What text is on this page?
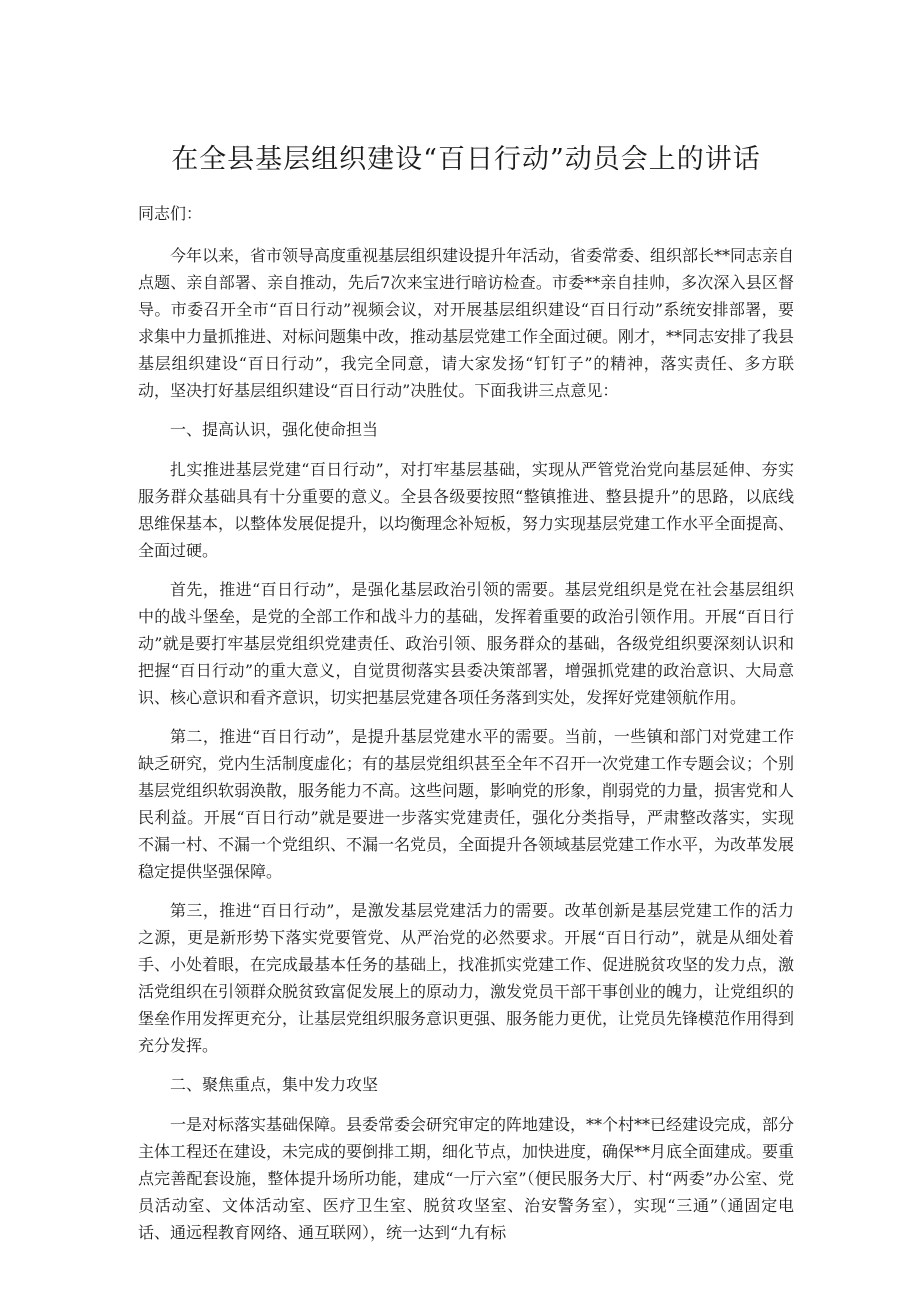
在全县基层组织建设“百日行动”动员会上的讲话

同志们：

今年以来，省市领导高度重视基层组织建设提升年活动，省委常委、组织部长**同志亲自点题、亲自部署、亲自推动，先后7次来宝进行暗访检查。市委**亲自挂帅，多次深入县区督导。市委召开全市“百日行动”视频会议，对开展基层组织建设“百日行动”系统安排部署，要求集中力量抓推进、对标问题集中改，推动基层党建工作全面过硬。刚才，**同志安排了我县基层组织建设“百日行动”，我完全同意，请大家发扬“钉钉子”的精神，落实责任、多方联动，坚决打好基层组织建设“百日行动”决胜仗。下面我讲三点意见：

一、提高认识，强化使命担当

扎实推进基层党建“百日行动”，对打牢基层基础，实现从严管党治党向基层延伸、夯实服务群众基础具有十分重要的意义。全县各级要按照“整镇推进、整县提升”的思路，以底线思维保基本，以整体发展促提升，以均衡理念补短板，努力实现基层党建工作水平全面提高、全面过硬。

首先，推进“百日行动”，是强化基层政治引领的需要。基层党组织是党在社会基层组织中的战斗堡垒，是党的全部工作和战斗力的基础，发挥着重要的政治引领作用。开展“百日行动”就是要打牢基层党组织党建责任、政治引领、服务群众的基础，各级党组织要深刻认识和把握“百日行动”的重大意义，自觉贯彻落实县委决策部署，增强抓党建的政治意识、大局意识、核心意识和看齐意识，切实把基层党建各项任务落到实处，发挥好党建领航作用。

第二，推进“百日行动”，是提升基层党建水平的需要。当前，一些镇和部门对党建工作缺乏研究，党内生活制度虚化；有的基层党组织甚至全年不召开一次党建工作专题会议；个别基层党组织软弱涣散，服务能力不高。这些问题，影响党的形象，削弱党的力量，损害党和人民利益。开展“百日行动”就是要进一步落实党建责任，强化分类指导，严肃整改落实，实现不漏一村、不漏一个党组织、不漏一名党员，全面提升各领域基层党建工作水平，为改革发展稳定提供坚强保障。

第三，推进“百日行动”，是激发基层党建活力的需要。改革创新是基层党建工作的活力之源，更是新形势下落实党要管党、从严治党的必然要求。开展“百日行动”，就是从细处着手、小处着眼，在完成最基本任务的基础上，找准抓实党建工作、促进脱贫攻坚的发力点，激活党组织在引领群众脱贫致富促发展上的原动力，激发党员干部干事创业的魄力，让党组织的堡垒作用发挥更充分，让基层党组织服务意识更强、服务能力更优，让党员先锋模范作用得到充分发挥。

二、聚焦重点，集中发力攻坚

一是对标落实基础保障。县委常委会研究审定的阵地建设，**个村**已经建设完成，部分主体工程还在建设，未完成的要倒排工期，细化节点，加快进度，确保**月底全面建成。要重点完善配套设施，整体提升场所功能，建成“一厅六室”（便民服务大厅、村“两委”办公室、党员活动室、文体活动室、医疗卫生室、脱贫攻坚室、治安警务室），实现“三通”（通固定电话、通远程教育网络、通互联网），统一达到“九有标
